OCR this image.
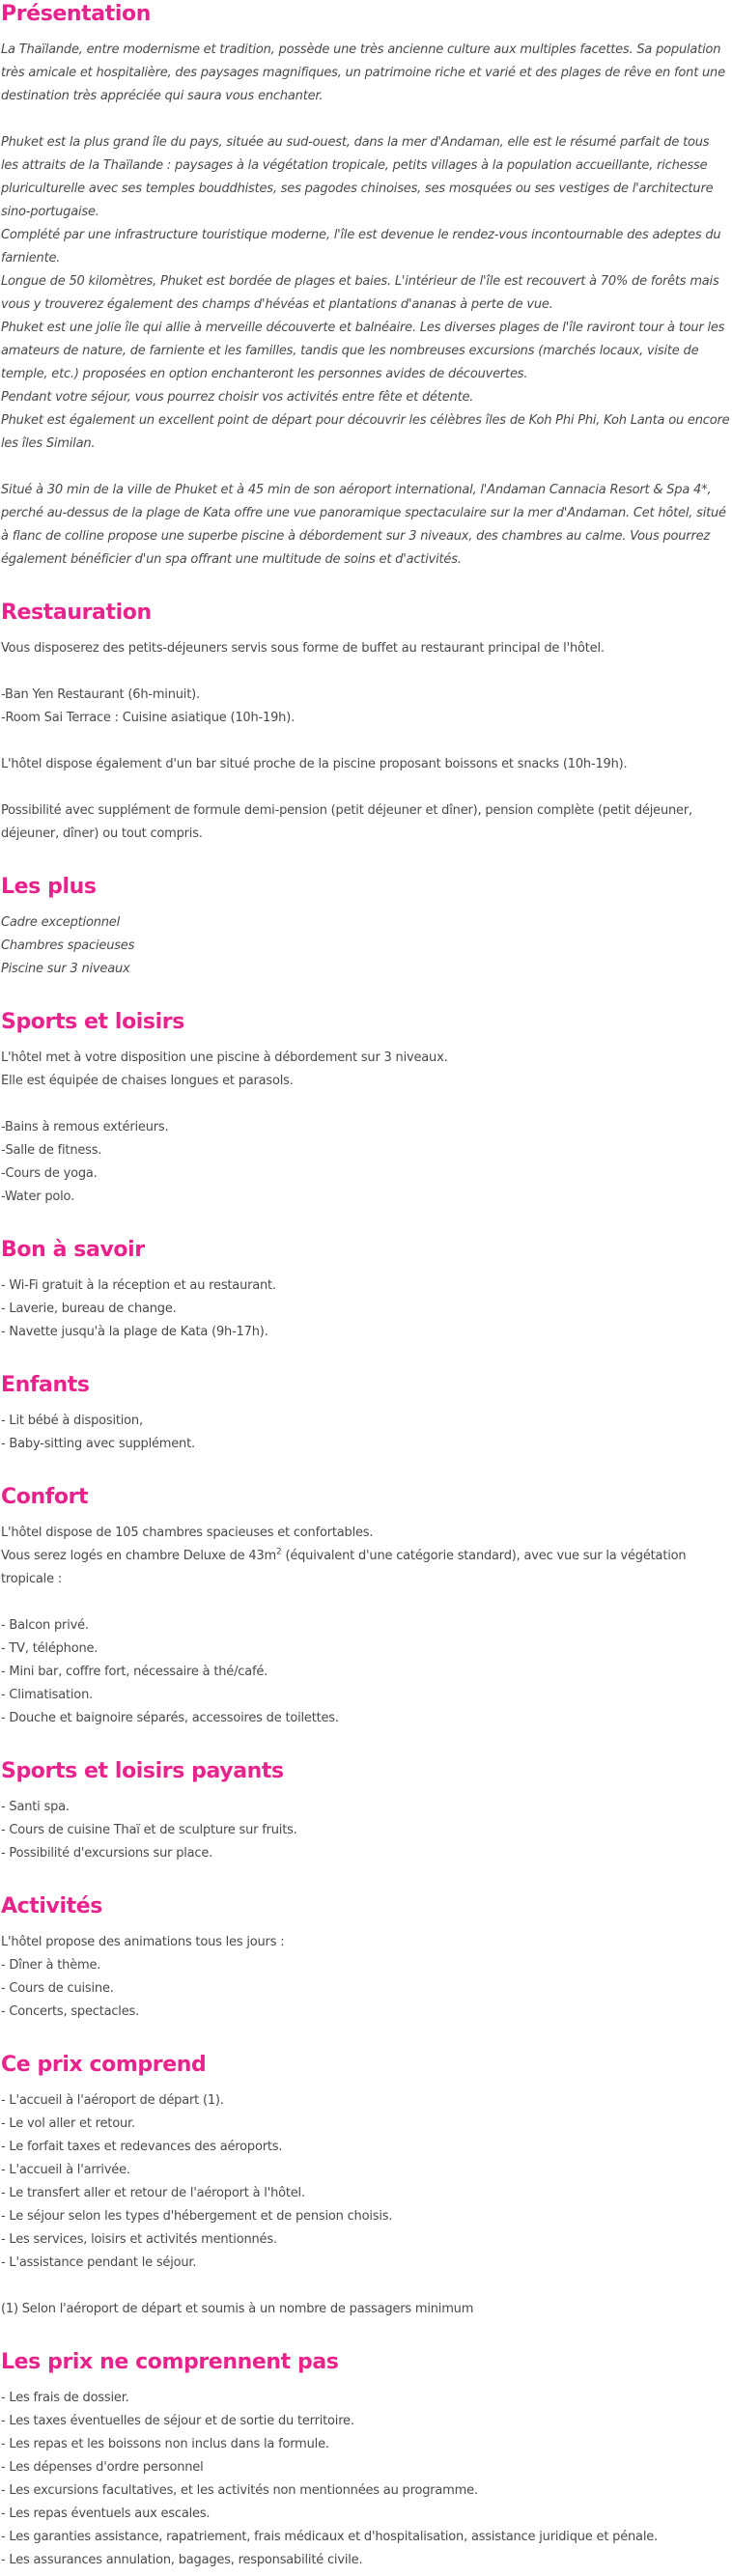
Présentation

La Thaïlande, entre modernisme et tradition, possède une très ancienne culture aux multiples facettes. Sa population très amicale et hospitalière, des paysages magnifiques, un patrimoine riche et varié et des plages de rêve en font une destination très appréciée qui saura vous enchanter.

Phuket est la plus grand île du pays, située au sud-ouest, dans la mer d'Andaman, elle est le résumé parfait de tous les attraits de la Thaïlande : paysages à la végétation tropicale, petits villages à la population accueillante, richesse pluriculturelle avec ses temples bouddhistes, ses pagodes chinoises, ses mosquées ou ses vestiges de l'architecture sino-portugaise.

Complété par une infrastructure touristique moderne, l'île est devenue le rendez-vous incontournable des adeptes du farniente.

Longue de 50 kilomètres, Phuket est bordée de plages et baies. L'intérieur de l'île est recouvert à 70% de forêts mais vous y trouverez également des champs d'hévéas et plantations d'ananas à perte de vue.

Phuket est une jolie île qui allie à merveille découverte et balnéaire. Les diverses plages de l'île raviront tour à tour les amateurs de nature, de farniente et les familles, tandis que les nombreuses excursions (marchés locaux, visite de temple, etc.) proposées en option enchanteront les personnes avides de découvertes.

Pendant votre séjour, vous pourrez choisir vos activités entre fête et détente.

Phuket est également un excellent point de départ pour découvrir les célèbres îles de Koh Phi Phi, Koh Lanta ou encore les îles Similan.

Situé à 30 min de la ville de Phuket et à 45 min de son aéroport international, l'Andaman Cannacia Resort & Spa 4*, perché au-dessus de la plage de Kata offre une vue panoramique spectaculaire sur la mer d'Andaman. Cet hôtel, situé à flanc de colline propose une superbe piscine à débordement sur 3 niveaux, des chambres au calme. Vous pourrez également bénéficier d'un spa offrant une multitude de soins et d'activités.

Restauration

Vous disposerez des petits-déjeuners servis sous forme de buffet au restaurant principal de l'hôtel.

-Ban Yen Restaurant (6h-minuit).

-Room Sai Terrace : Cuisine asiatique (10h-19h).

L'hôtel dispose également d'un bar situé proche de la piscine proposant boissons et snacks (10h-19h).

Possibilité avec supplément de formule demi-pension (petit déjeuner et dîner), pension complète (petit déjeuner, déjeuner, dîner) ou tout compris.

Les plus

Cadre exceptionnel

Chambres spacieuses

Piscine sur 3 niveaux

Sports et loisirs

L'hôtel met à votre disposition une piscine à débordement sur 3 niveaux.

Elle est équipée de chaises longues et parasols.

-Bains à remous extérieurs.

-Salle de fitness.

-Cours de yoga.

-Water polo.

Bon à savoir

- Wi-Fi gratuit à la réception et au restaurant.

- Laverie, bureau de change.

- Navette jusqu'à la plage de Kata (9h-17h).

Enfants

- Lit bébé à disposition,

- Baby-sitting avec supplément.

Confort

L'hôtel dispose de 105 chambres spacieuses et confortables.

Vous serez logés en chambre Deluxe de $43m^2$ (équivalent d'une catégorie standard), avec vue sur la végétation tropicale :

- Balcon privé.

- TV, téléphone.

- Mini bar, coffre fort, nécessaire à thé/café.

- Climatisation.

- Douche et baignoire séparés, accessoires de toilettes.

Sports et loisirs payants

- Santi spa.

- Cours de cuisine Thaï et de sculpture sur fruits.

- Possibilité d'excursions sur place.

Activités

L'hôtel propose des animations tous les jours :

- Dîner à thème.

- Cours de cuisine.

- Concerts, spectacles.

Ce prix comprend

- L'accueil à l'aéroport de départ (1).

- Le vol aller et retour.

- Le forfait taxes et redevances des aéroports.

- L'accueil à l'arrivée.

- Le transfert aller et retour de l'aéroport à l'hôtel.

- Le séjour selon les types d'hébergement et de pension choisis.

- Les services, loisirs et activités mentionnés.

- L'assistance pendant le séjour.

(1) Selon l'aéroport de départ et soumis à un nombre de passagers minimum

Les prix ne comprennent pas

- Les frais de dossier.

- Les taxes éventuelles de séjour et de sortie du territoire.

- Les repas et les boissons non inclus dans la formule.

- Les dépenses d'ordre personnel

- Les excursions facultatives, et les activités non mentionnées au programme.

- Les repas éventuels aux escales.

- Les garanties assistance, rapatriement, frais médicaux et d'hospitalisation, assistance juridique et pénale.

- Les assurances annulation, bagages, responsabilité civile.
